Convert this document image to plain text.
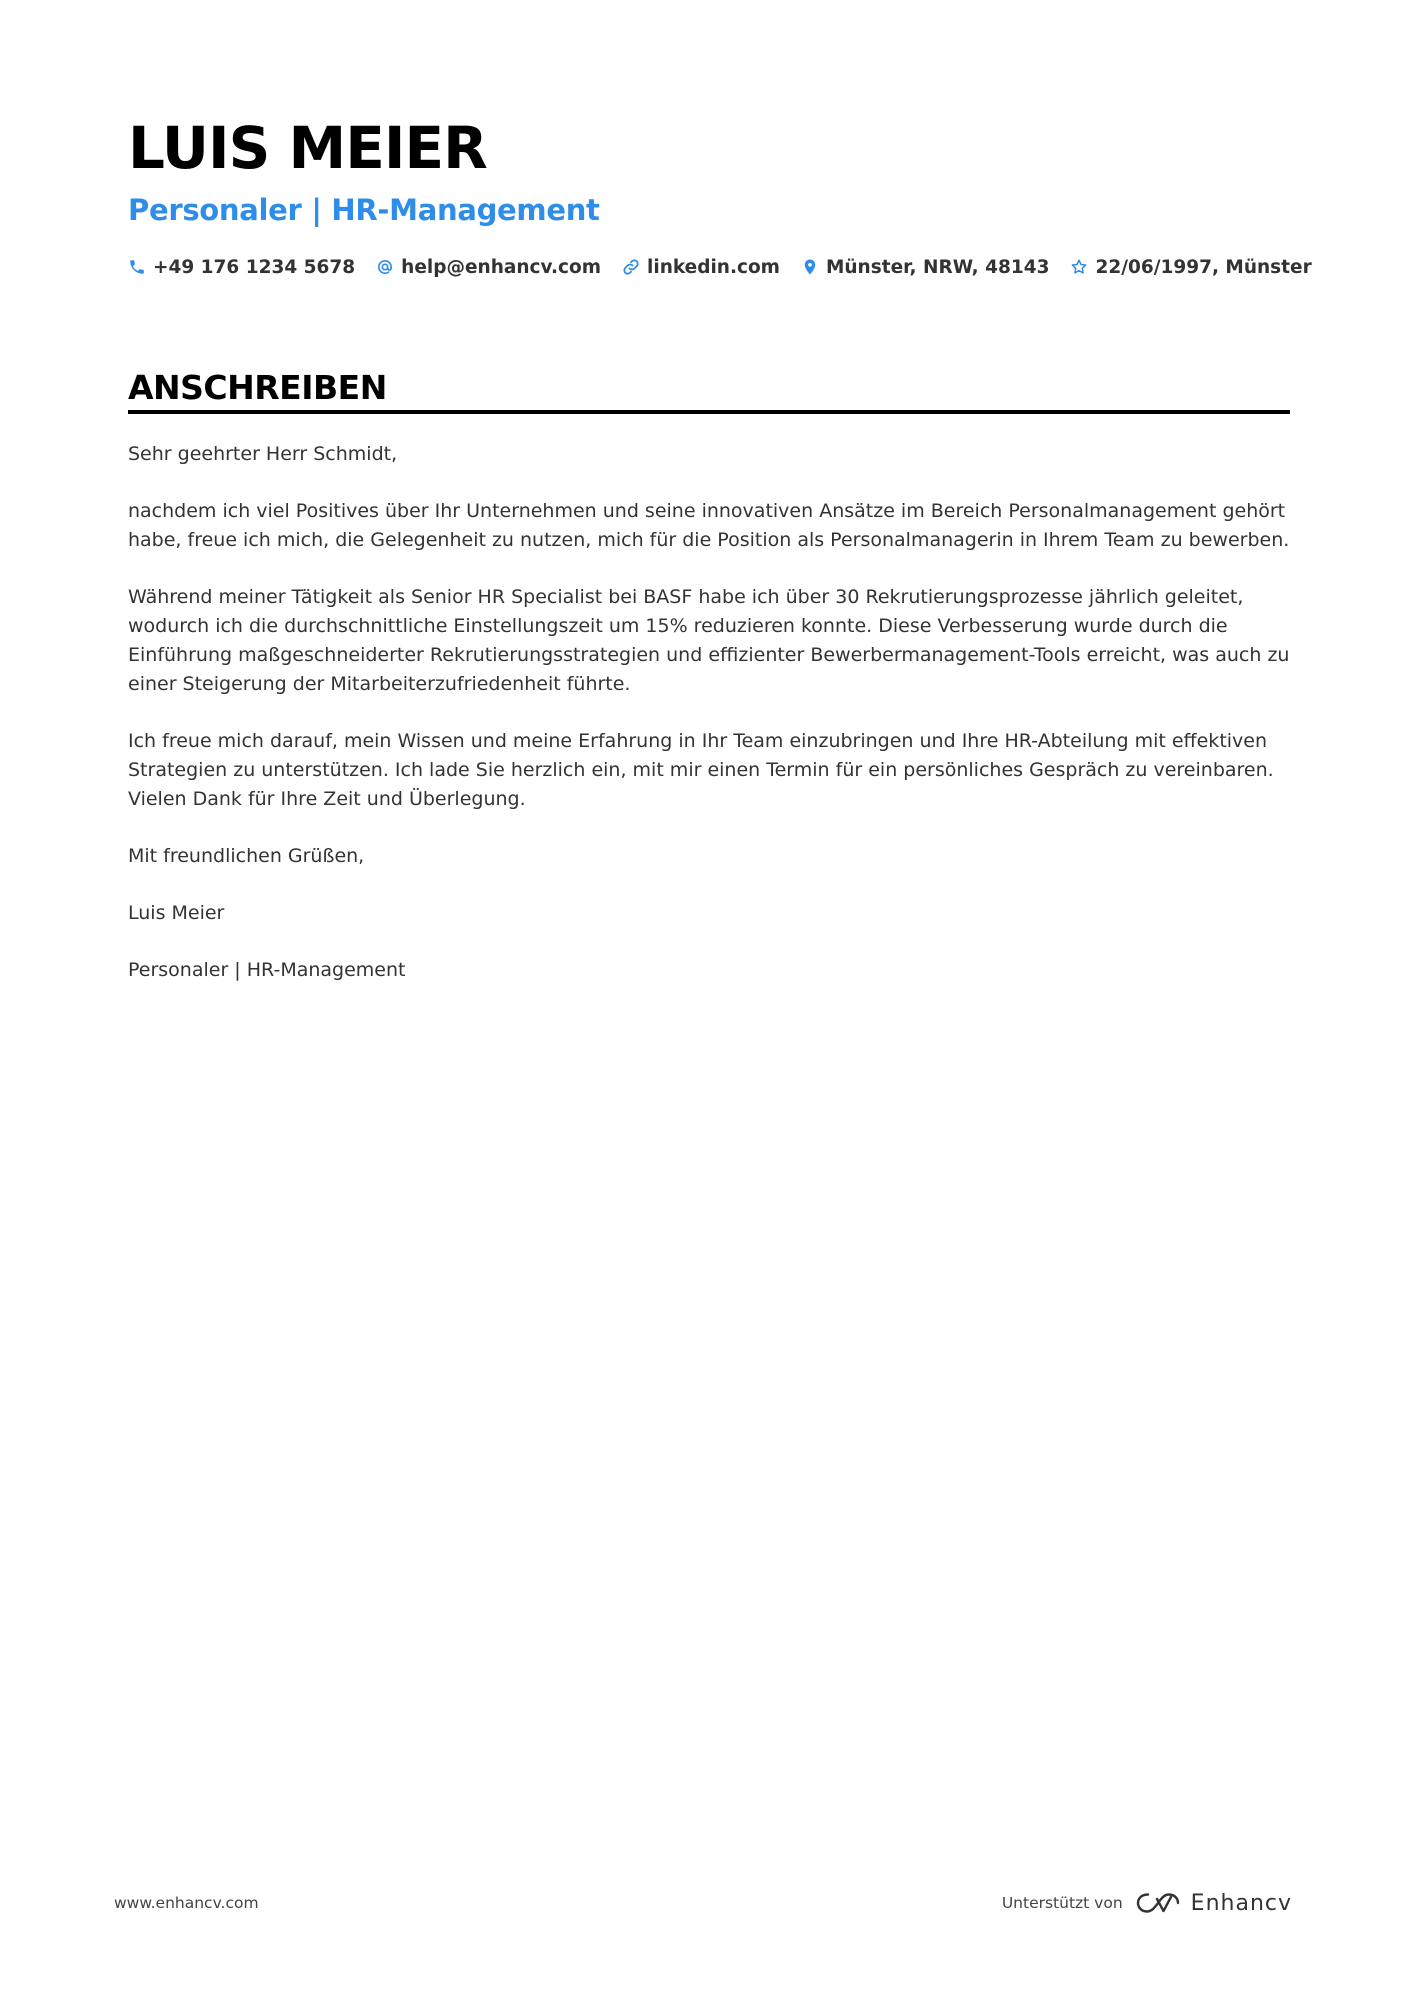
LUIS MEIER
Personaler | HR-Management
+49 176 1234 5678 help@enhancv.com linkedin.com Münster, NRW, 48143 22/06/1997, Münster
ANSCHREIBEN

Sehr geehrter Herr Schmidt,

nachdem ich viel Positives über Ihr Unternehmen und seine innovativen Ansätze im Bereich Personalmanagement gehört habe, freue ich mich, die Gelegenheit zu nutzen, mich für die Position als Personalmanagerin in Ihrem Team zu bewerben.

Während meiner Tätigkeit als Senior HR Specialist bei BASF habe ich über 30 Rekrutierungsprozesse jährlich geleitet, wodurch ich die durchschnittliche Einstellungszeit um 15% reduzieren konnte. Diese Verbesserung wurde durch die Einführung maßgeschneiderter Rekrutierungsstrategien und effizienter Bewerbermanagement-Tools erreicht, was auch zu einer Steigerung der Mitarbeiterzufriedenheit führte.

Ich freue mich darauf, mein Wissen und meine Erfahrung in Ihr Team einzubringen und Ihre HR-Abteilung mit effektiven Strategien zu unterstützen. Ich lade Sie herzlich ein, mit mir einen Termin für ein persönliches Gespräch zu vereinbaren. Vielen Dank für Ihre Zeit und Überlegung.

Mit freundlichen Grüßen,

Luis Meier

Personaler | HR-Management

www.enhancv.com	Unterstützt von	Enhancv
